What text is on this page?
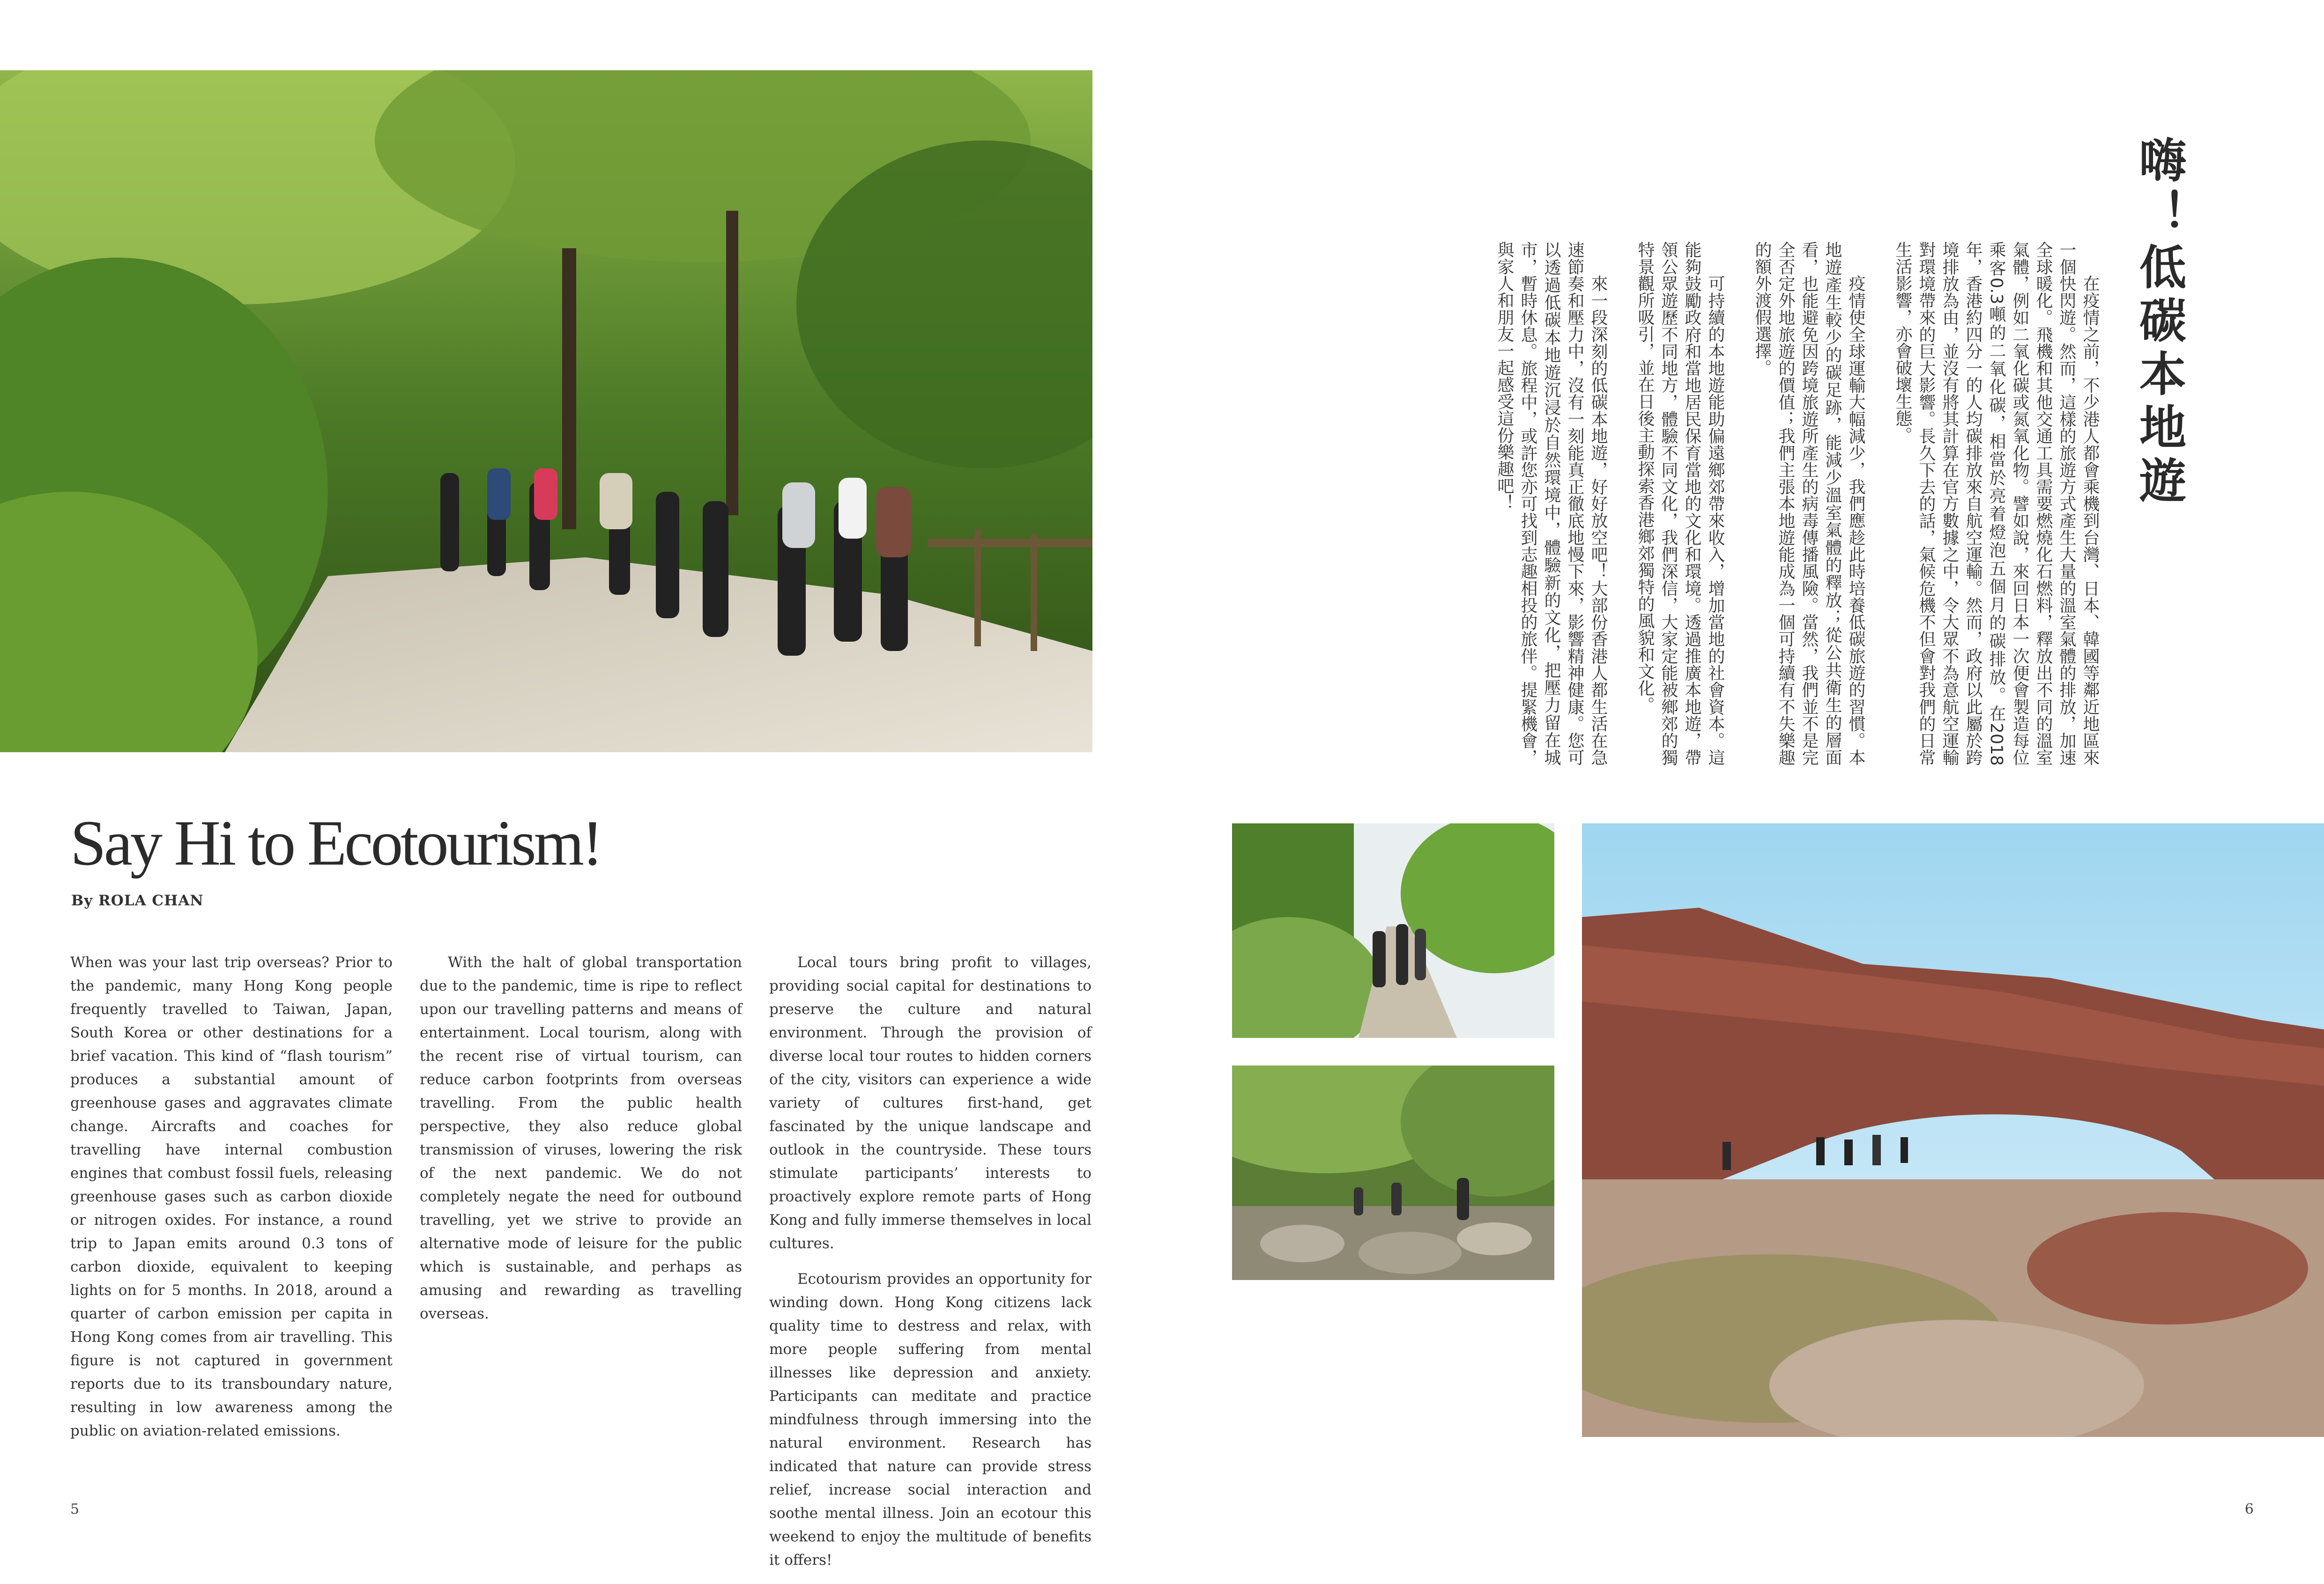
Say Hi to Ecotourism!

By ROLA CHAN

When was your last trip overseas? Prior to the pandemic, many Hong Kong people frequently travelled to Taiwan, Japan, South Korea or other destinations for a brief vacation. This kind of “flash tourism” produces a substantial amount of greenhouse gases and aggravates climate change. Aircrafts and coaches for travelling have internal combustion engines that combust fossil fuels, releasing greenhouse gases such as carbon dioxide or nitrogen oxides. For instance, a round trip to Japan emits around 0.3 tons of carbon dioxide, equivalent to keeping lights on for 5 months. In 2018, around a quarter of carbon emission per capita in Hong Kong comes from air travelling. This figure is not captured in government reports due to its transboundary nature, resulting in low awareness among the public on aviation-related emissions.

With the halt of global transportation due to the pandemic, time is ripe to reflect upon our travelling patterns and means of entertainment. Local tourism, along with the recent rise of virtual tourism, can reduce carbon footprints from overseas travelling. From the public health perspective, they also reduce global transmission of viruses, lowering the risk of the next pandemic. We do not completely negate the need for outbound travelling, yet we strive to provide an alternative mode of leisure for the public which is sustainable, and perhaps as amusing and rewarding as travelling overseas.

Local tours bring profit to villages, providing social capital for destinations to preserve the culture and natural environment. Through the provision of diverse local tour routes to hidden corners of the city, visitors can experience a wide variety of cultures first-hand, get fascinated by the unique landscape and outlook in the countryside. These tours stimulate participants’ interests to proactively explore remote parts of Hong Kong and fully immerse themselves in local cultures.

Ecotourism provides an opportunity for winding down. Hong Kong citizens lack quality time to destress and relax, with more people suffering from mental illnesses like depression and anxiety. Participants can meditate and practice mindfulness through immersing into the natural environment. Research has indicated that nature can provide stress relief, increase social interaction and soothe mental illness. Join an ecotour this weekend to enjoy the multitude of benefits it offers!

嗨！低碳本地遊

在疫情之前，不少港人都會乘機到台灣、日本、韓國等鄰近地區來一個快閃遊。然而，這樣的旅遊方式產生大量的溫室氣體的排放，加速全球暖化。飛機和其他交通工具需要燃燒化石燃料，釋放出不同的溫室氣體，例如二氧化碳或氮氧化物。譬如說，來回日本一次便會製造每位乘客0.3噸的二氧化碳，相當於亮着燈泡五個月的碳排放。在2018年，香港約四分一的人均碳排放來自航空運輸。然而，政府以此屬於跨境排放為由，並沒有將其計算在官方數據之中，令大眾不為意航空運輸對環境帶來的巨大影響。長久下去的話，氣候危機不但會對我們的日常生活影響，亦會破壞生態。

疫情使全球運輸大幅減少，我們應趁此時培養低碳旅遊的習慣。本地遊產生較少的碳足跡，能減少溫室氣體的釋放；從公共衛生的層面看，也能避免因跨境旅遊所產生的病毒傳播風險。當然，我們並不是完全否定外地旅遊的價值；我們主張本地遊能成為一個可持續有不失樂趣的額外渡假選擇。

可持續的本地遊能助偏遠鄉郊帶來收入，增加當地的社會資本。這能夠鼓勵政府和當地居民保育當地的文化和環境。透過推廣本地遊，帶領公眾遊歷不同地方，體驗不同文化，我們深信，大家定能被鄉郊的獨特景觀所吸引，並在日後主動探索香港鄉郊獨特的風貌和文化。

來一段深刻的低碳本地遊，好好放空吧！大部份香港人都生活在急速節奏和壓力中，沒有一刻能真正徹底地慢下來，影響精神健康。您可以透過低碳本地遊沉浸於自然環境中，體驗新的文化，把壓力留在城市，暫時休息。旅程中，或許您亦可找到志趣相投的旅伴。提緊機會，與家人和朋友一起感受這份樂趣吧！

5	6
